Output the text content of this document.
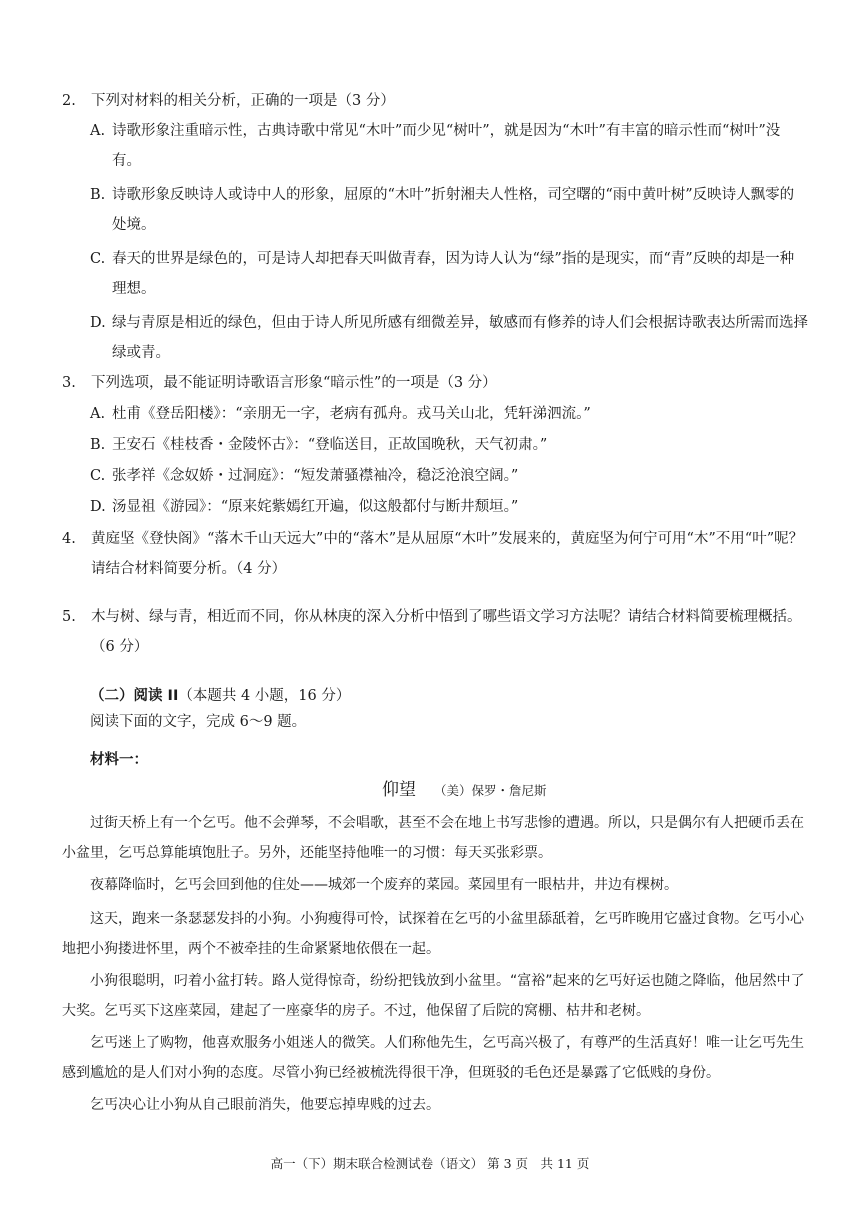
2.	下列对材料的相关分析，正确的一项是（3 分）
A. 诗歌形象注重暗示性，古典诗歌中常见“木叶”而少见“树叶”，就是因为“木叶”有丰富的暗示性而“树叶”没有。
B. 诗歌形象反映诗人或诗中人的形象，屈原的“木叶”折射湘夫人性格，司空曙的“雨中黄叶树”反映诗人飘零的处境。
C. 春天的世界是绿色的，可是诗人却把春天叫做青春，因为诗人认为“绿”指的是现实，而“青”反映的却是一种理想。
D. 绿与青原是相近的绿色，但由于诗人所见所感有细微差异，敏感而有修养的诗人们会根据诗歌表达所需而选择绿或青。
3.	下列选项，最不能证明诗歌语言形象“暗示性”的一项是（3 分）
A. 杜甫《登岳阳楼》：“亲朋无一字，老病有孤舟。戎马关山北，凭轩涕泗流。”
B. 王安石《桂枝香・金陵怀古》：“登临送目，正故国晚秋，天气初肃。”
C. 张孝祥《念奴娇・过洞庭》：“短发萧骚襟袖冷，稳泛沧浪空阔。”
D. 汤显祖《游园》：“原来姹紫嫣红开遍，似这般都付与断井颓垣。”
4.	黄庭坚《登快阁》“落木千山天远大”中的“落木”是从屈原“木叶”发展来的，黄庭坚为何宁可用“木”不用“叶”呢？请结合材料简要分析。（4 分）
5.	木与树、绿与青，相近而不同，你从林庚的深入分析中悟到了哪些语文学习方法呢？请结合材料简要梳理概括。（6 分）
（二）阅读 II（本题共 4 小题，16 分）
阅读下面的文字，完成 6～9 题。
材料一：
仰望 （美）保罗・詹尼斯
过街天桥上有一个乞丐。他不会弹琴，不会唱歌，甚至不会在地上书写悲惨的遭遇。所以，只是偶尔有人把硬币丢在小盆里，乞丐总算能填饱肚子。另外，还能坚持他唯一的习惯：每天买张彩票。
夜幕降临时，乞丐会回到他的住处——城郊一个废弃的菜园。菜园里有一眼枯井，井边有棵树。
这天，跑来一条瑟瑟发抖的小狗。小狗瘦得可怜，试探着在乞丐的小盆里舔舐着，乞丐昨晚用它盛过食物。乞丐小心地把小狗搂进怀里，两个不被牵挂的生命紧紧地依偎在一起。
小狗很聪明，叼着小盆打转。路人觉得惊奇，纷纷把钱放到小盆里。“富裕”起来的乞丐好运也随之降临，他居然中了大奖。乞丐买下这座菜园，建起了一座豪华的房子。不过，他保留了后院的窝棚、枯井和老树。
乞丐迷上了购物，他喜欢服务小姐迷人的微笑。人们称他先生，乞丐高兴极了，有尊严的生活真好！唯一让乞丐先生感到尴尬的是人们对小狗的态度。尽管小狗已经被梳洗得很干净，但斑驳的毛色还是暴露了它低贱的身份。
乞丐决心让小狗从自己眼前消失，他要忘掉卑贱的过去。
高一（下）期末联合检测试卷（语文） 第 3 页　共 11 页
